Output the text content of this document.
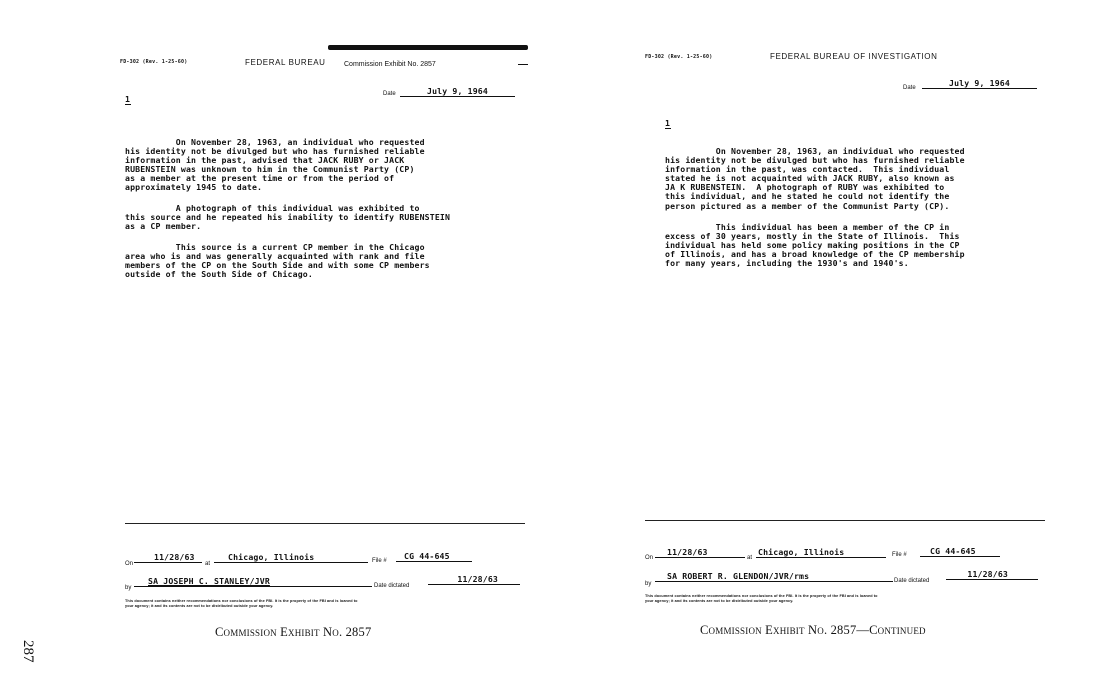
FD-302 (Rev. 1-25-60)	FEDERAL BUREAU	Commission Exhibit No. 2857
Date	July 9, 1964
1
On November 28, 1963, an individual who requested
his identity not be divulged but who has furnished reliable
information in the past, advised that JACK RUBY or JACK
RUBENSTEIN was unknown to him in the Communist Party (CP)
as a member at the present time or from the period of
approximately 1945 to date.
A photograph of this individual was exhibited to
this source and he repeated his inability to identify RUBENSTEIN
as a CP member.
This source is a current CP member in the Chicago
area who is and was generally acquainted with rank and file
members of the CP on the South Side and with some CP members
outside of the South Side of Chicago.
On
11/28/63
at
Chicago, Illinois	File #	CG 44-645
by
SA JOSEPH C. STANLEY/JVR	Date dictated
11/28/63
This document contains neither recommendations nor conclusions of the FBI. It is the property of the FBI and is loaned to
your agency; it and its contents are not to be distributed outside your agency.
Commission Exhibit No. 2857
287
FD-302 (Rev. 1-25-60)	FEDERAL BUREAU OF INVESTIGATION
Date	July 9, 1964
1
On November 28, 1963, an individual who requested
his identity not be divulged but who has furnished reliable
information in the past, was contacted.  This individual
stated he is not acquainted with JACK RUBY, also known as
JA K RUBENSTEIN.  A photograph of RUBY was exhibited to
this individual, and he stated he could not identify the
person pictured as a member of the Communist Party (CP).
This individual has been a member of the CP in
excess of 30 years, mostly in the State of Illinois.  This
individual has held some policy making positions in the CP
of Illinois, and has a broad knowledge of the CP membership
for many years, including the 1930's and 1940's.
On
11/28/63
at
Chicago, Illinois	File #	CG 44-645
by
SA ROBERT R. GLENDON/JVR/rms	Date dictated
11/28/63
This document contains neither recommendations nor conclusions of the FBI. It is the property of the FBI and is loaned to
your agency; it and its contents are not to be distributed outside your agency.
Commission Exhibit No. 2857—Continued
